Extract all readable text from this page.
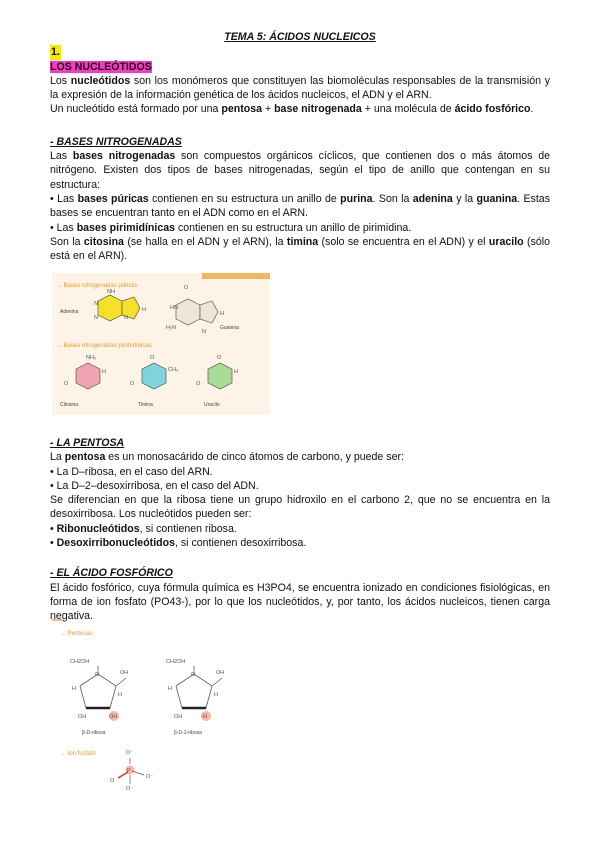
TEMA 5: ÁCIDOS NUCLEICOS
1.
LOS NUCLEÓTIDOS

Los nucleótidos son los monómeros que constituyen las biomoléculas responsables de la transmisión y la expresión de la información genética de los ácidos nucleicos, el ADN y el ARN.

Un nucleótido está formado por una pentosa + base nitrogenada + una molécula de ácido fosfórico.

- BASES NITROGENADAS

Las bases nitrogenadas son compuestos orgánicos cíclicos, que contienen dos o más átomos de nitrógeno. Existen dos tipos de bases nitrogenadas, según el tipo de anillo que contengan en su estructura:

• Las bases púricas contienen en su estructura un anillo de purina. Son la adenina y la guanina. Estas bases se encuentran tanto en el ADN como en el ARN.

• Las bases pirimidínicas contienen en su estructura un anillo de pirimidina.

Son la citosina (se halla en el ADN y el ARN), la timina (solo se encuentra en el ADN) y el uracilo (sólo está en el ARN).

→ Bases nitrogenadas púricas
NH
N
N	N
H
Adenina
O
HN
H₂N
N
H
Guanina
→ Bases nitrogenadas pirimidínicas
NH₂
O
H
Citosina
O
CH₃
O
Timina
O
O
H
Uracilo
- LA PENTOSA

La pentosa es un monosacárido de cinco átomos de carbono, y puede ser:

• La D–ribosa, en el caso del ARN.

• La D–2–desoxirribosa, en el caso del ADN.

Se diferencian en que la ribosa tiene un grupo hidroxilo en el carbono 2, que no se encuentra en la desoxirribosa. Los nucleótidos pueden ser:

• Ribonucleótidos, si contienen ribosa.

• Desoxirribonucleótidos, si contienen desoxirribosa.

- EL ÁCIDO FOSFÓRICO

El ácido fosfórico, cuya fórmula química es H3PO4, se encuentra ionizado en condiciones fisiológicas, en forma de ion fosfato (PO43-), por lo que los nucleótidos, y, por tanto, los ácidos nucleicos, tienen carga negativa.

→ Pentosas
CH2OH
O	OH
H
H
OH	OH
β-D-ribosa
CH2OH
O	OH
H
H
OH	H
β-D-2-ribosa
→ Ion fosfato
P
O⁻
O⁻
O
O⁻
